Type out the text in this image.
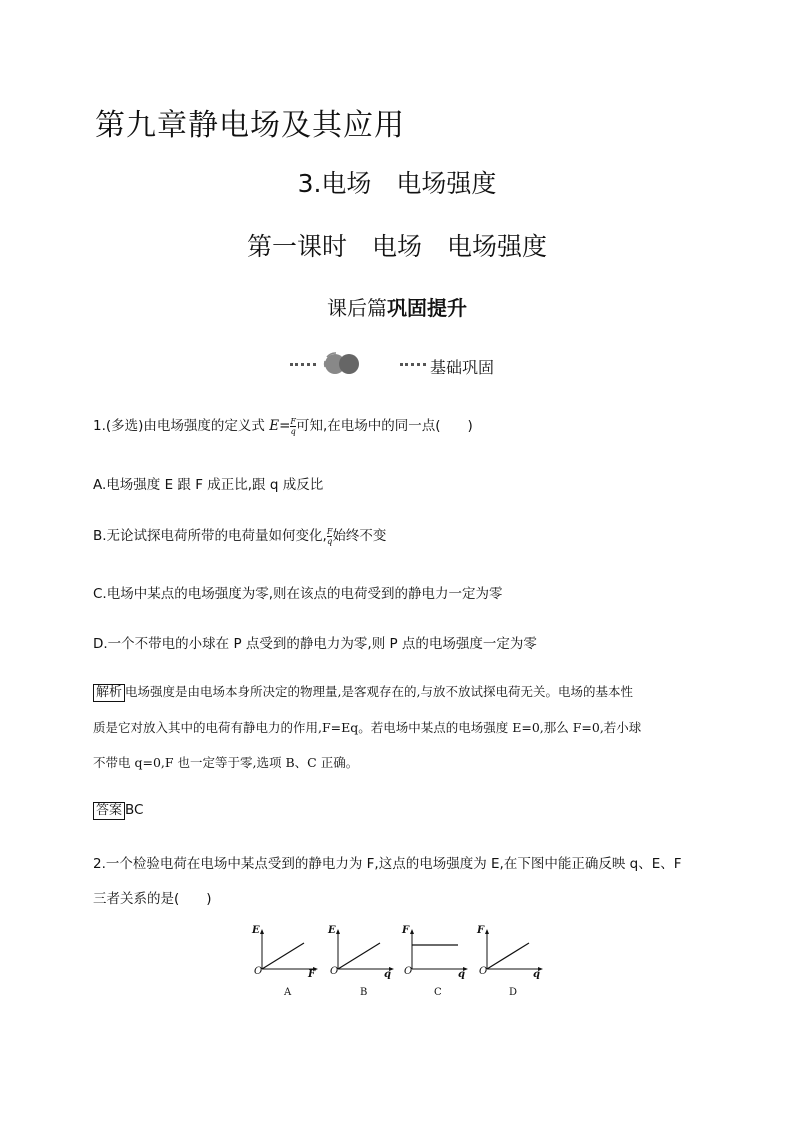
第九章静电场及其应用
3.电场　电场强度
第一课时　电场　电场强度
课后篇巩固提升
基础巩固
1.(多选)由电场强度的定义式 $E= \frac{F}{q}$ 可知,在电场中的同一点(　　)
A.电场强度 E 跟 F 成正比,跟 q 成反比
B.无论试探电荷所带的电荷量如何变化, $\frac{F}{q}$ 始终不变
C.电场中某点的电场强度为零,则在该点的电荷受到的静电力一定为零
D.一个不带电的小球在 P 点受到的静电力为零,则 P 点的电场强度一定为零
解析 电场强度是由电场本身所决定的物理量,是客观存在的,与放不放试探电荷无关。电场的基本性
质是它对放入其中的电荷有静电力的作用,F=Eq。若电场中某点的电场强度 E=0,那么 F=0,若小球
不带电 q=0,F 也一定等于零,选项 B、C 正确。
答案 BC
2.一个检验电荷在电场中某点受到的静电力为 F,这点的电场强度为 E,在下图中能正确反映 q、E、F
三者关系的是(　　)
E
O	F
A
E
O	q
B
F
O	q
C
F
O	q
D
